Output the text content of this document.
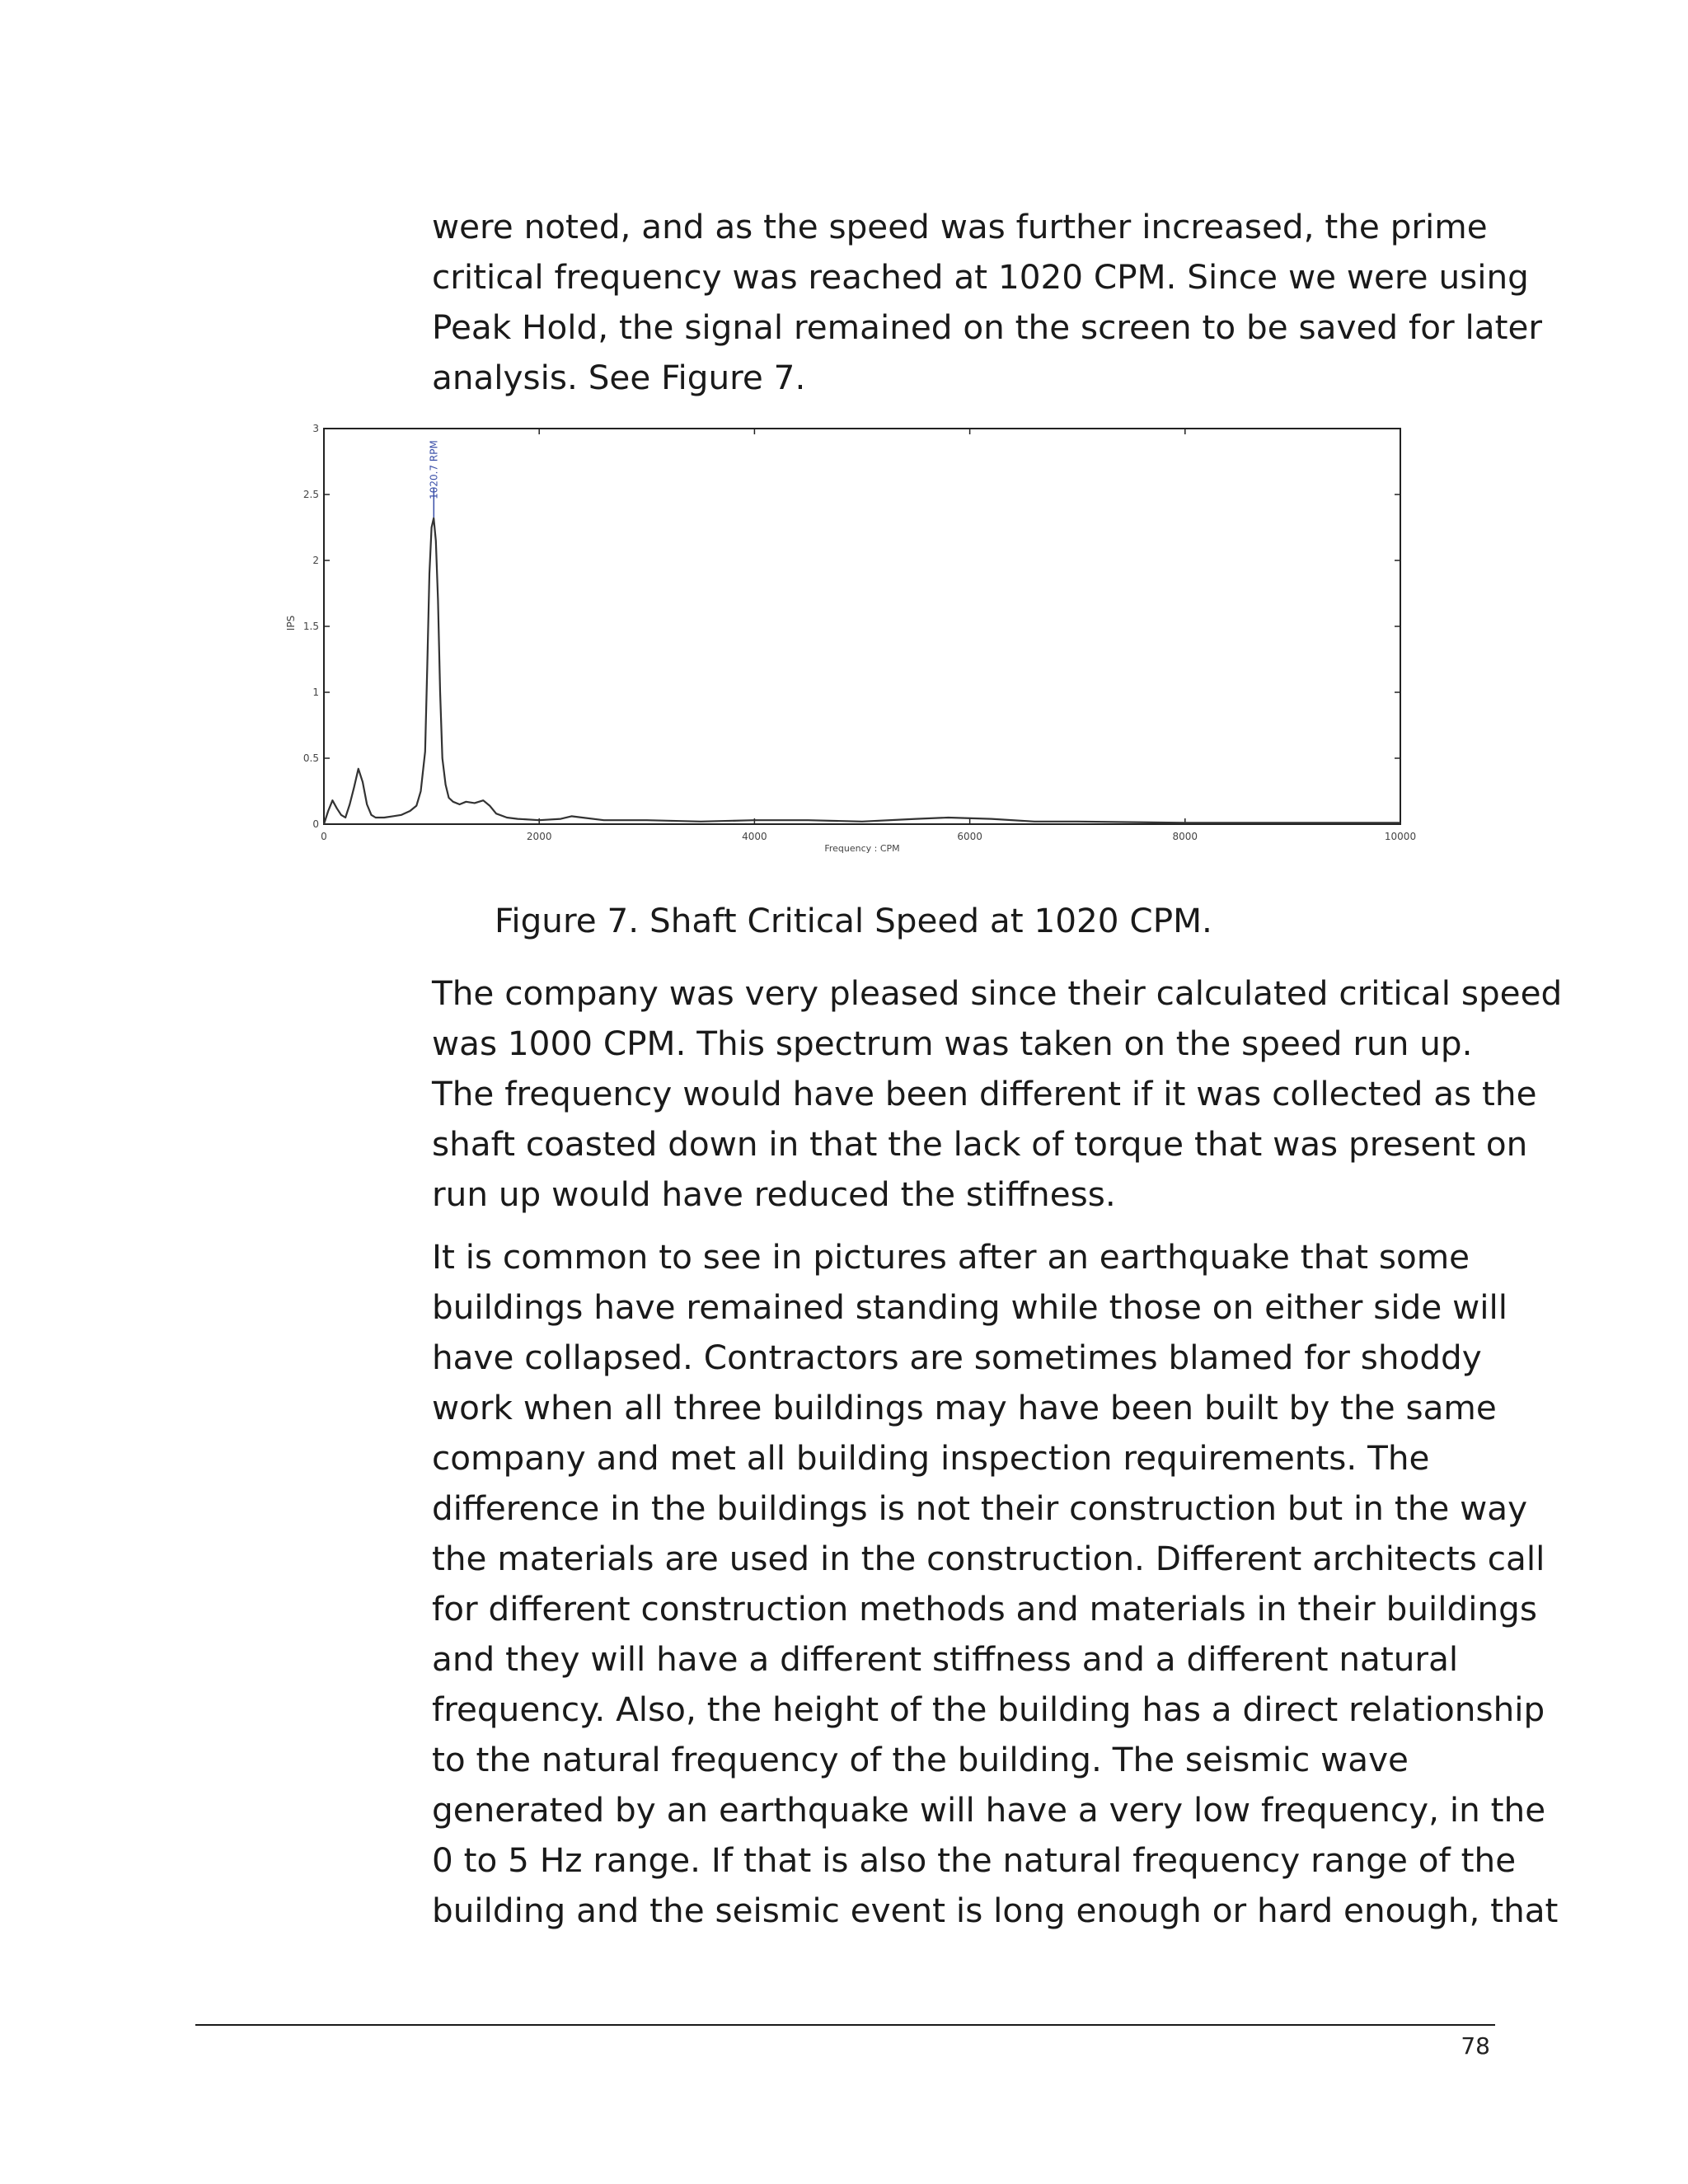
were noted, and as the speed was further increased, the prime
critical frequency was reached at 1020 CPM. Since we were using
Peak Hold, the signal remained on the screen to be saved for later
analysis. See Figure 7.
0	2000	4000	6000	8000	10000
0
0.5
1
1.5
2
2.5
3
Frequency : CPM
IPS
1020.7 RPM

Figure 7. Shaft Critical Speed at 1020 CPM.

The company was very pleased since their calculated critical speed
was 1000 CPM. This spectrum was taken on the speed run up.
The frequency would have been different if it was collected as the
shaft coasted down in that the lack of torque that was present on
run up would have reduced the stiffness.
It is common to see in pictures after an earthquake that some
buildings have remained standing while those on either side will
have collapsed. Contractors are sometimes blamed for shoddy
work when all three buildings may have been built by the same
company and met all building inspection requirements. The
difference in the buildings is not their construction but in the way
the materials are used in the construction. Different architects call
for different construction methods and materials in their buildings
and they will have a different stiffness and a different natural
frequency. Also, the height of the building has a direct relationship
to the natural frequency of the building. The seismic wave
generated by an earthquake will have a very low frequency, in the
0 to 5 Hz range. If that is also the natural frequency range of the
building and the seismic event is long enough or hard enough, that
78
